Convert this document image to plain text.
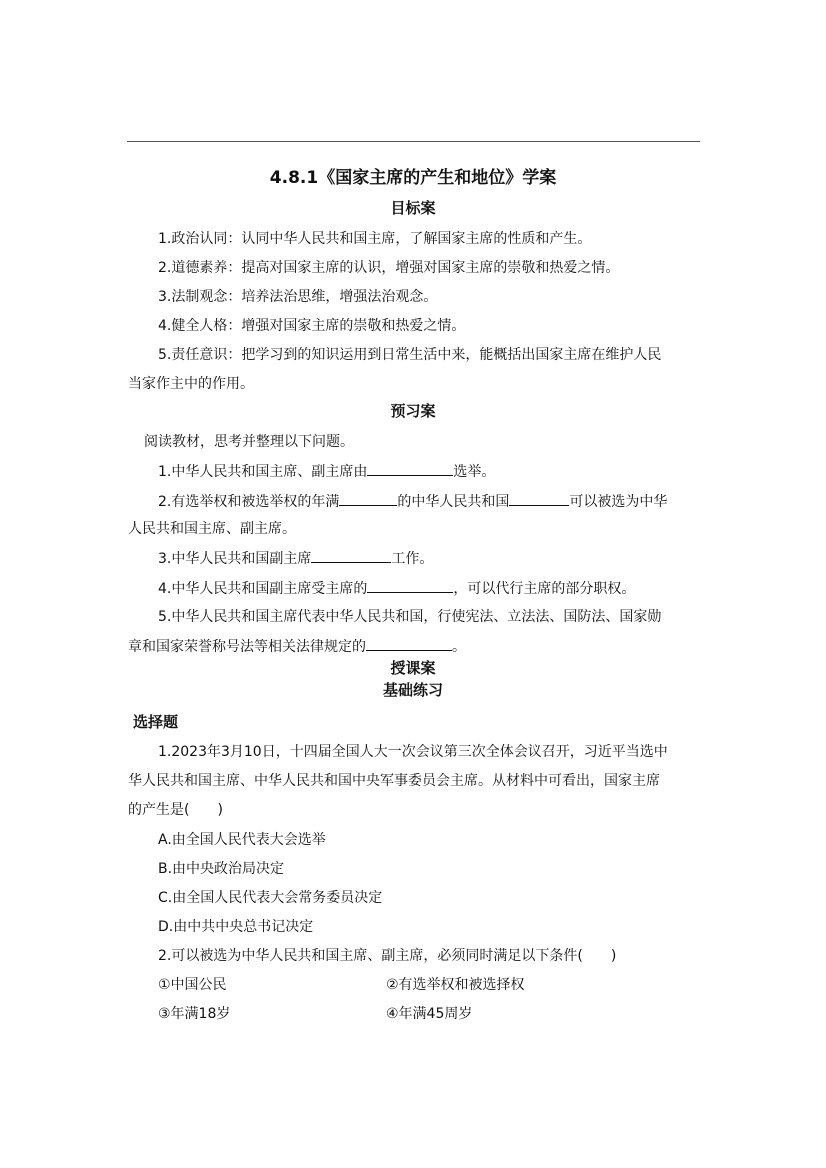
4.8.1《国家主席的产生和地位》学案
目标案
1.政治认同：认同中华人民共和国主席，了解国家主席的性质和产生。
2.道德素养：提高对国家主席的认识，增强对国家主席的崇敬和热爱之情。
3.法制观念：培养法治思维，增强法治观念。
4.健全人格：增强对国家主席的崇敬和热爱之情。
5.责任意识：把学习到的知识运用到日常生活中来，能概括出国家主席在维护人民
当家作主中的作用。
预习案
阅读教材，思考并整理以下问题。
1.中华人民共和国主席、副主席由	选举。
2.有选举权和被选举权的年满	的中华人民共和国	可以被选为中华
人民共和国主席、副主席。
3.中华人民共和国副主席	工作。
4.中华人民共和国副主席受主席的	，可以代行主席的部分职权。
5.中华人民共和国主席代表中华人民共和国，行使宪法、立法法、国防法、国家勋
章和国家荣誉称号法等相关法律规定的	。
授课案
基础练习
选择题
1.2023年3月10日，十四届全国人大一次会议第三次全体会议召开，习近平当选中
华人民共和国主席、中华人民共和国中央军事委员会主席。从材料中可看出，国家主席
的产生是(　　)
A.由全国人民代表大会选举
B.由中央政治局决定
C.由全国人民代表大会常务委员决定
D.由中共中央总书记决定
2.可以被选为中华人民共和国主席、副主席，必须同时满足以下条件(　　)
①中国公民	②有选举权和被选择权
③年满18岁	④年满45周岁
